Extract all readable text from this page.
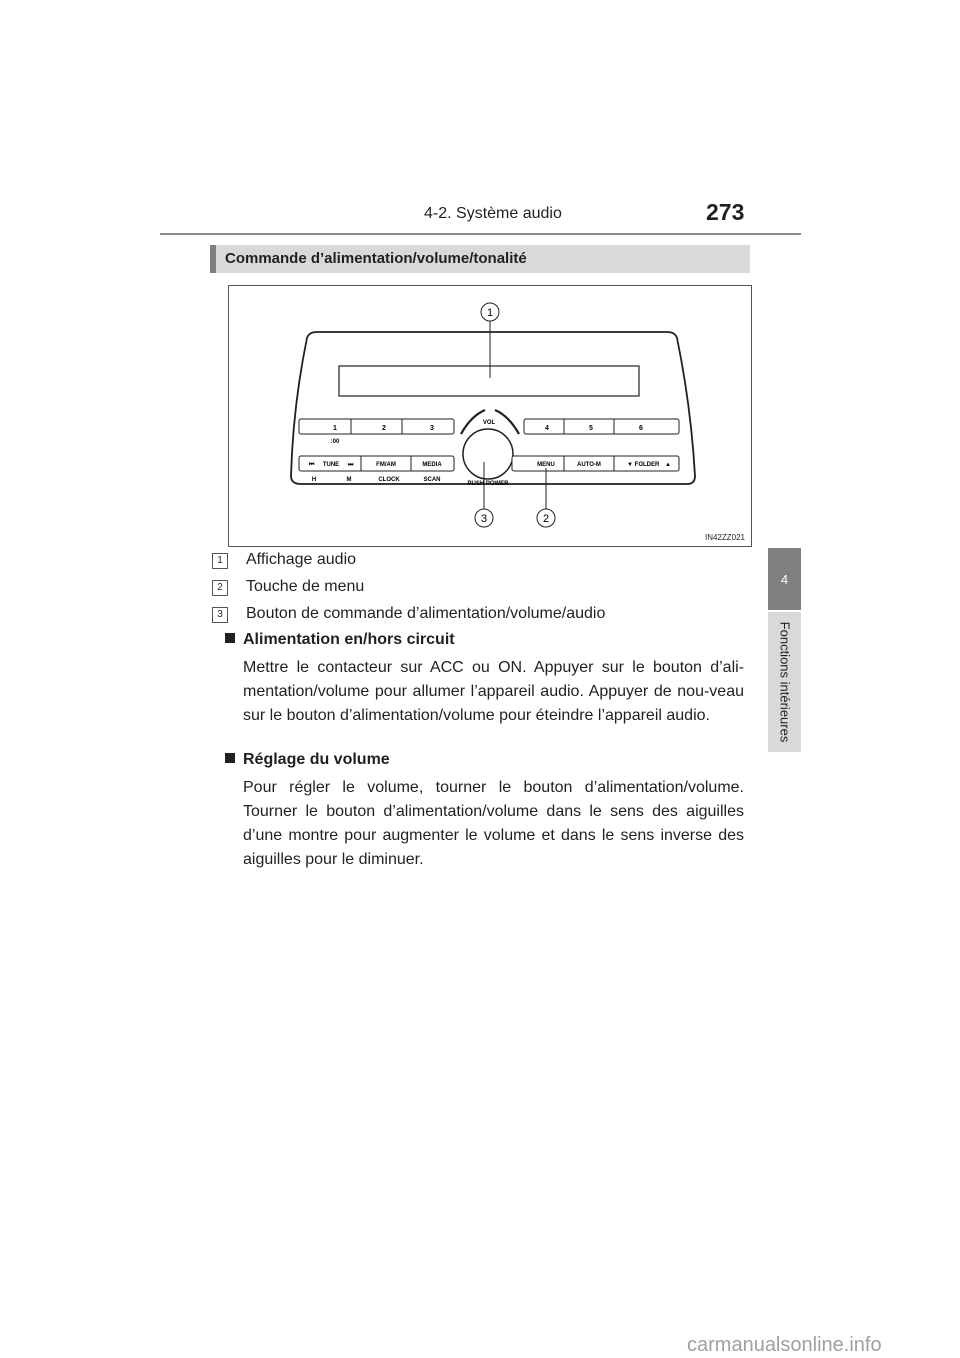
4-2. Système audio	273
4
Fonctions intérieures
Commande d’alimentation/volume/tonalité
1	2	3	4	5	6
:00
VOL
PUSH POWER
⏮ TUNE ⏭	FM/AM	MEDIA	MENU	AUTO-M	▼ FOLDER ▲
H	M	CLOCK	SCAN
1
2
3
IN42ZZ021
1 Affichage audio
2 Touche de menu
3 Bouton de commande d’alimentation/volume/audio
Alimentation en/hors circuit
Mettre le contacteur sur ACC ou ON. Appuyer sur le bouton d’ali-mentation/volume pour allumer l’appareil audio. Appuyer de nou-veau sur le bouton d’alimentation/volume pour éteindre l’appareil audio.
Réglage du volume
Pour régler le volume, tourner le bouton d’alimentation/volume. Tourner le bouton d’alimentation/volume dans le sens des aiguilles d’une montre pour augmenter le volume et dans le sens inverse des aiguilles pour le diminuer.
carmanualsonline.info
